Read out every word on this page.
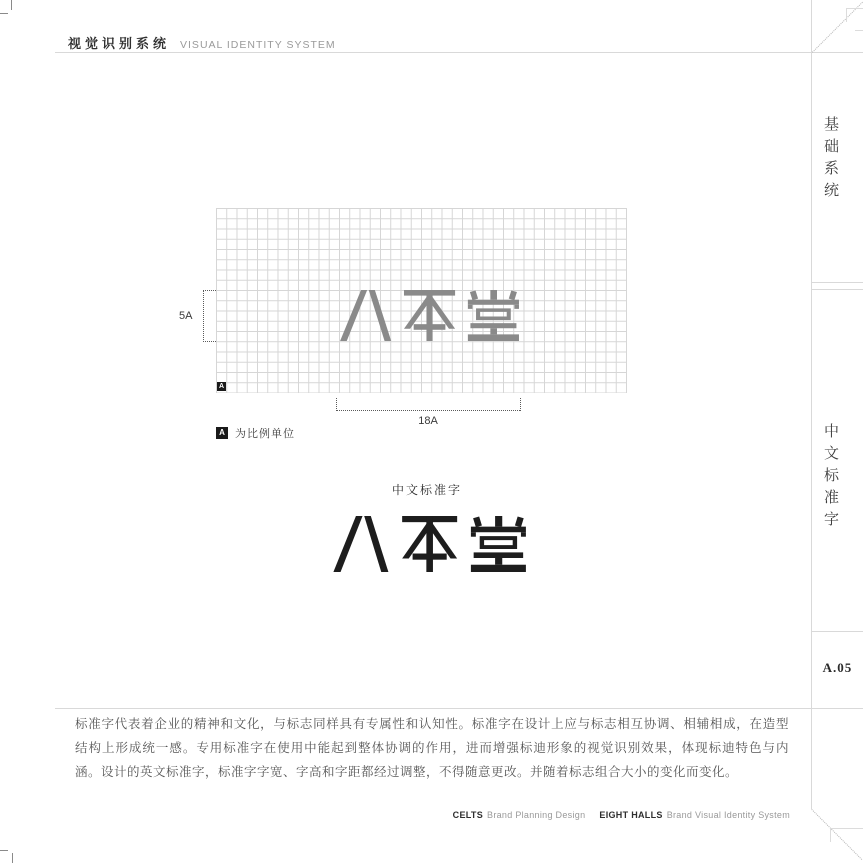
视觉识别系统 VISUAL IDENTITY SYSTEM
基础系统
中文标准字
A.05
A
5A
18A
A 为比例单位
中文标准字
标准字代表着企业的精神和文化，与标志同样具有专属性和认知性。标准字在设计上应与标志相互协调、相辅相成，在造型结构上形成统一感。专用标准字在使用中能起到整体协调的作用，进而增强标迪形象的视觉识别效果，体现标迪特色与内涵。设计的英文标准字，标准字字宽、字高和字距都经过调整，不得随意更改。并随着标志组合大小的变化而变化。
CELTS Brand Planning Design EIGHT HALLS Brand Visual Identity System
